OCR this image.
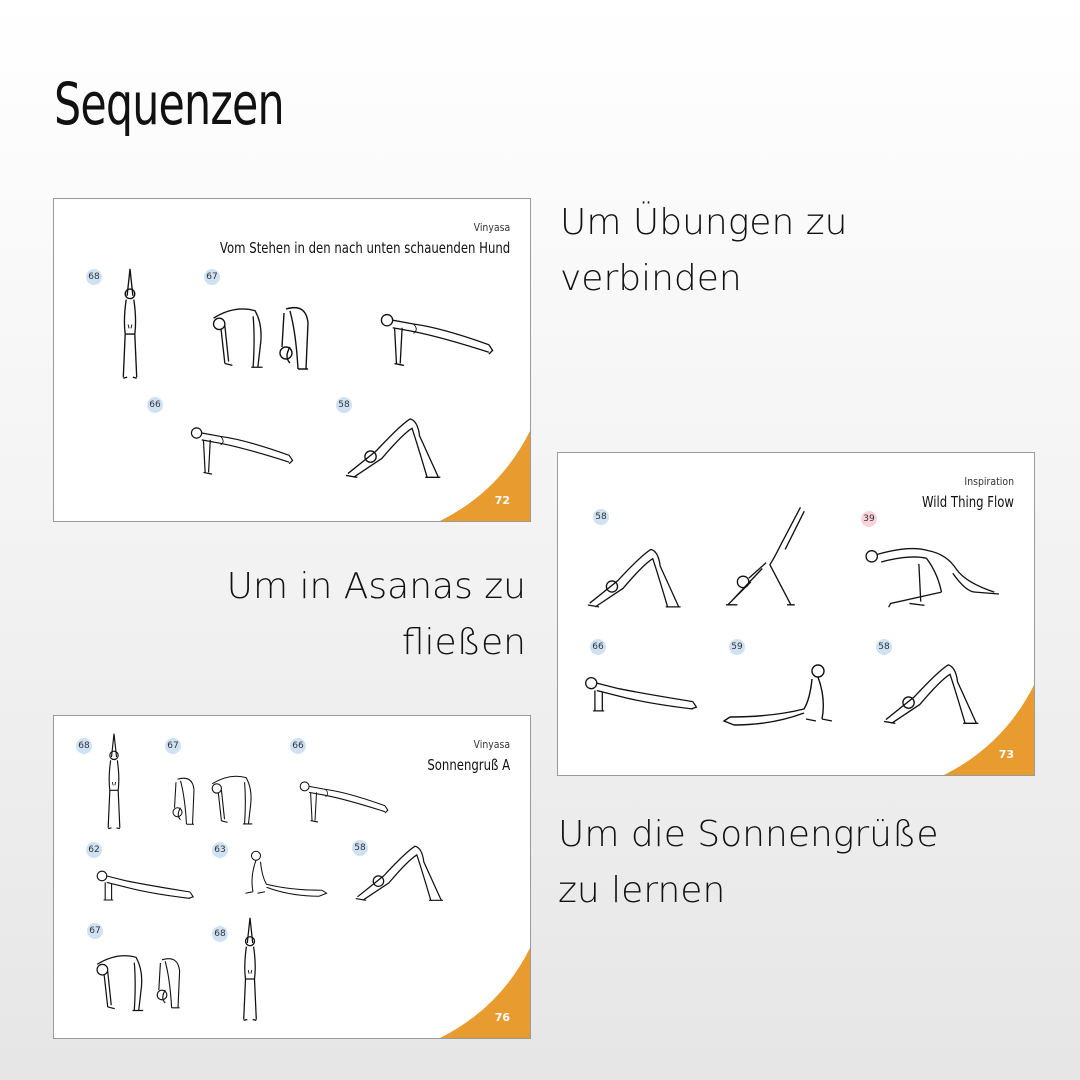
Sequenzen
Vinyasa
Vom Stehen in den nach unten schauenden Hund
68	67
66	58
72
Inspiration
Wild Thing Flow
58	39
66	59	58
73
Vinyasa
Sonnengruß A
68	67	66
62	63	58
67	68
76
Um Übungen zu
verbinden
Um in Asanas zu
fließen
Um die Sonnengrüße
zu lernen
